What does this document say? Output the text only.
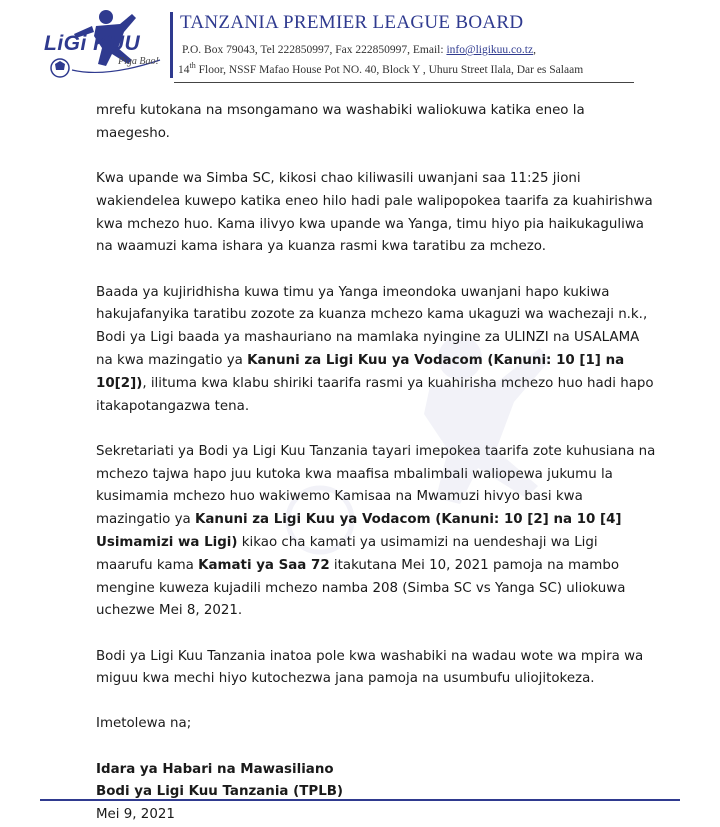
LiGi KUU
Piga Bao!
TANZANIA PREMIER LEAGUE BOARD
P.O. Box 79043, Tel 222850997, Fax 222850997, Email: info@ligikuu.co.tz,
14th Floor, NSSF Mafao House Pot NO. 40, Block Y , Uhuru Street Ilala, Dar es Salaam

mrefu kutokana na msongamano wa washabiki waliokuwa katika eneo la maegesho.

Kwa upande wa Simba SC, kikosi chao kiliwasili uwanjani saa 11:25 jioni wakiendelea kuwepo katika eneo hilo hadi pale walipopokea taarifa za kuahirishwa kwa mchezo huo. Kama ilivyo kwa upande wa Yanga, timu hiyo pia haikukaguliwa na waamuzi kama ishara ya kuanza rasmi kwa taratibu za mchezo.

Baada ya kujiridhisha kuwa timu ya Yanga imeondoka uwanjani hapo kukiwa hakujafanyika taratibu zozote za kuanza mchezo kama ukaguzi wa wachezaji n.k., Bodi ya Ligi baada ya mashauriano na mamlaka nyingine za ULINZI na USALAMA na kwa mazingatio ya Kanuni za Ligi Kuu ya Vodacom (Kanuni: 10 [1] na 10[2]), ilituma kwa klabu shiriki taarifa rasmi ya kuahirisha mchezo huo hadi hapo itakapotangazwa tena.

Sekretariati ya Bodi ya Ligi Kuu Tanzania tayari imepokea taarifa zote kuhusiana na mchezo tajwa hapo juu kutoka kwa maafisa mbalimbali waliopewa jukumu la kusimamia mchezo huo wakiwemo Kamisaa na Mwamuzi hivyo basi kwa mazingatio ya Kanuni za Ligi Kuu ya Vodacom (Kanuni: 10 [2] na 10 [4] Usimamizi wa Ligi) kikao cha kamati ya usimamizi na uendeshaji wa Ligi maarufu kama Kamati ya Saa 72 itakutana Mei 10, 2021 pamoja na mambo mengine kuweza kujadili mchezo namba 208 (Simba SC vs Yanga SC) uliokuwa uchezwe Mei 8, 2021.

Bodi ya Ligi Kuu Tanzania inatoa pole kwa washabiki na wadau wote wa mpira wa miguu kwa mechi hiyo kutochezwa jana pamoja na usumbufu uliojitokeza.

Imetolewa na;

Idara ya Habari na Mawasiliano
Bodi ya Ligi Kuu Tanzania (TPLB)
Mei 9, 2021
